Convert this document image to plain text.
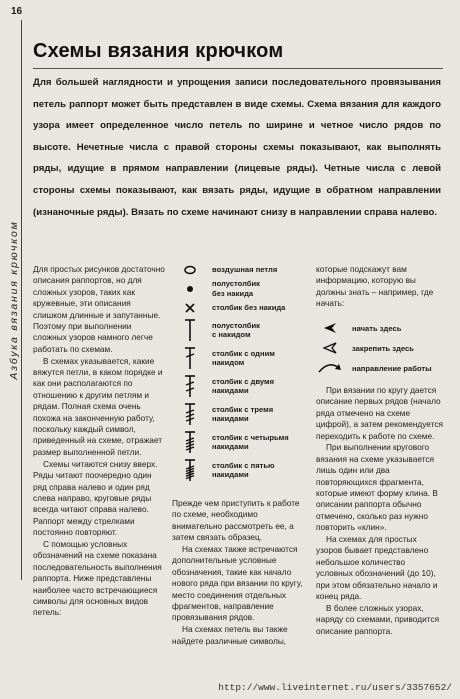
16
Азбука вязания крючком
Схемы вязания крючком

Для большей наглядности и упрощения записи последовательного провязывания петель раппорт может быть представлен в виде схемы. Схема вязания для каждого узора имеет определенное число петель по ширине и четное число рядов по высоте. Нечетные числа с правой стороны схемы показывают, как выполнять ряды, идущие в прямом направлении (лицевые ряды). Четные числа с левой стороны схемы показывают, как вязать ряды, идущие в обратном направлении (изнаночные ряды). Вязать по схеме начинают снизу в направлении справа налево.

Для простых рисунков достаточно описания раппортов, но для сложных узоров, таких как кружевные, эти описания слишком длинные и запутанные. Поэтому при выполнении сложных узоров намного легче работать по схемам.

В схемах указывается, какие вяжутся петли, в каком порядке и как они располагаются по отношению к другим петлям и рядам. Полная схема очень похожа на законченную работу, поскольку каждый символ, приведенный на схеме, отражает размер выполненной петли.

Схемы читаются снизу вверх. Ряды читают поочередно один ряд справа налево и один ряд слева направо, круговые ряды всегда читают справа налево. Раппорт между стрелками постоянно повторяют.

С помощью условных обозначений на схеме показана последовательность выполнения раппорта. Ниже представлены наиболее часто встречающиеся символы для основных видов петель:

воздушная петля
полустолбик
без накида
столбик без накида
полустолбик
с накидом
столбик с одним
накидом
столбик с двумя
накидами
столбик с тремя
накидами
столбик с четырьмя
накидами
столбик с пятью
накидами

Прежде чем приступить к работе по схеме, необходимо внимательно рассмотреть ее, а затем связать образец.

На схемах также встречаются дополнительные условные обозначения, такие как начало нового ряда при вязании по кругу, место соединения отдельных фрагментов, направление провязывания рядов.

На схемах петель вы также найдете различные символы,

которые подскажут вам информацию, которую вы должны знать – например, где начать:
начать здесь
закрепить здесь
направление работы

При вязании по кругу дается описание первых рядов (начало ряда отмечено на схеме цифрой), а затем рекомендуется переходить к работе по схеме.

При выполнении кругового вязания на схеме указывается лишь один или два повторяющихся фрагмента, которые имеют форму клина. В описании раппорта обычно отмечено, сколько раз нужно повторить «клин».

На схемах для простых узоров бывает представлено небольшое количество условных обозначений (до 10), при этом обязательно начало и конец ряда.

В более сложных узорах, наряду со схемами, приводится описание раппорта.

http://www.liveinternet.ru/users/3357652/
